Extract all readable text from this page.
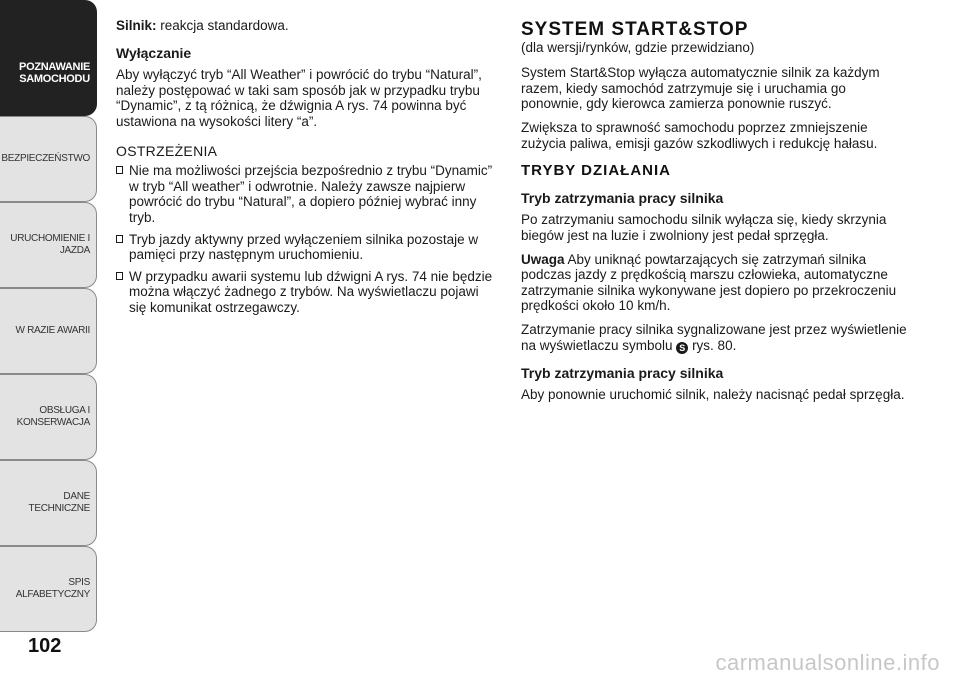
POZNAWANIE
SAMOCHODU
BEZPIECZEŃSTWO
URUCHOMIENIE I
JAZDA
W RAZIE AWARII
OBSŁUGA I
KONSERWACJA
DANE TECHNICZNE
SPIS ALFABETYCZNY
102

Silnik: reakcja standardowa.

Wyłączanie

Aby wyłączyć tryb “All Weather” i powrócić do trybu “Natural”, należy postępować w taki sam sposób jak w przypadku trybu “Dynamic”, z tą różnicą, że dźwignia A rys. 74 powinna być ustawiona na wysokości litery “a”.

OSTRZEŻENIA
Nie ma możliwości przejścia bezpośrednio z trybu “Dynamic” w tryb “All weather” i odwrotnie. Należy zawsze najpierw powrócić do trybu “Natural”, a dopiero później wybrać inny tryb.
Tryb jazdy aktywny przed wyłączeniem silnika pozostaje w pamięci przy następnym uruchomieniu.
W przypadku awarii systemu lub dźwigni A rys. 74 nie będzie można włączyć żadnego z trybów. Na wyświetlaczu pojawi się komunikat ostrzegawczy.
SYSTEM START&STOP

(dla wersji/rynków, gdzie przewidziano)

System Start&Stop wyłącza automatycznie silnik za każdym razem, kiedy samochód zatrzymuje się i uruchamia go ponownie, gdy kierowca zamierza ponownie ruszyć.

Zwiększa to sprawność samochodu poprzez zmniejszenie zużycia paliwa, emisji gazów szkodliwych i redukcję hałasu.

TRYBY DZIAŁANIA
Tryb zatrzymania pracy silnika

Po zatrzymaniu samochodu silnik wyłącza się, kiedy skrzynia biegów jest na luzie i zwolniony jest pedał sprzęgła.

Uwaga Aby uniknąć powtarzających się zatrzymań silnika podczas jazdy z prędkością marszu człowieka, automatyczne zatrzymanie silnika wykonywane jest dopiero po przekroczeniu prędkości około 10 km/h.

Zatrzymanie pracy silnika sygnalizowane jest przez wyświetlenie na wyświetlaczu symbolu S rys. 80.

Tryb zatrzymania pracy silnika

Aby ponownie uruchomić silnik, należy nacisnąć pedał sprzęgła.

carmanualsonline.info
